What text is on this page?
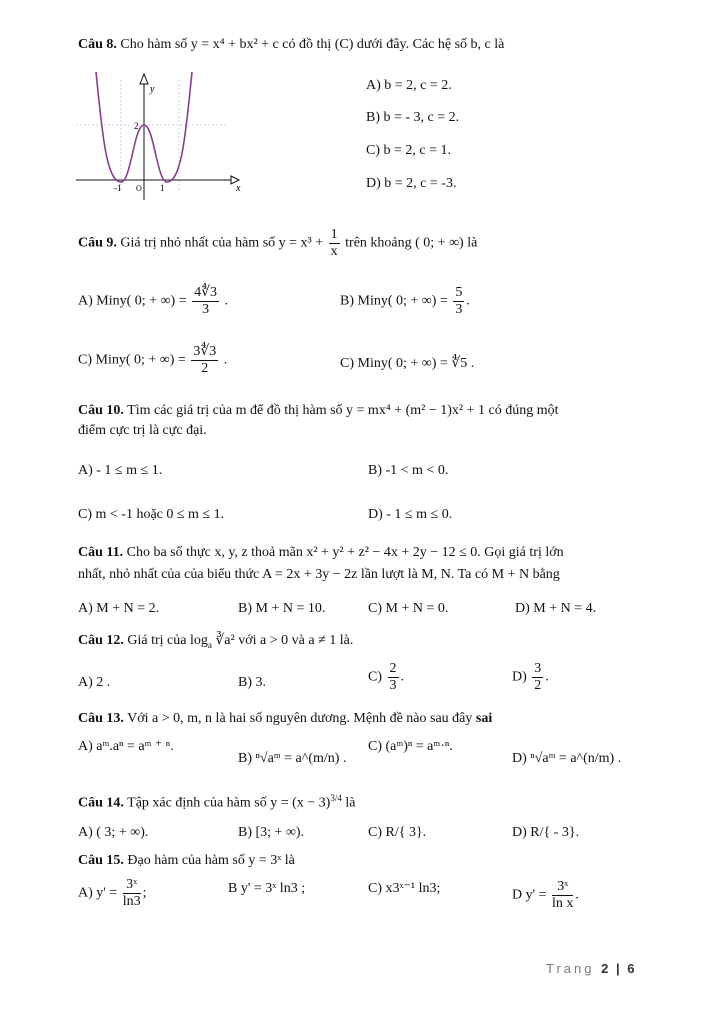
Câu 8. Cho hàm số y = x⁴ + bx² + c có đồ thị (C) dưới đây. Các hệ số b, c là
y
x
-1	1
2
O
A) b = 2, c = 2.
B) b = - 3, c = 2.
C) b = 2, c = 1.
D) b = 2, c = -3.
Câu 9. Giá trị nhỏ nhất của hàm số $y = x^3 + \frac{1}{x}$ trên khoảng ( 0; + ∞) là
A) Miny( 0; + ∞) = $\frac{4∜3}{3}$ .	B) Miny( 0; + ∞) = $\frac{5}{3}$ .
C) Miny( 0; + ∞) = $\frac{3∜3}{2}$ .	C) Miny( 0; + ∞) = ∜5 .
Câu 10. Tìm các giá trị của m để đồ thị hàm số y = mx⁴ + (m² − 1)x² + 1 có đúng một
điểm cực trị là cực đại.
A) - 1 ≤ m ≤ 1.	B) -1 < m < 0.
C) m < -1 hoặc 0 ≤ m ≤ 1.	D) - 1 ≤ m ≤ 0.
Câu 11. Cho ba số thực x, y, z thoả mãn x² + y² + z² − 4x + 2y − 12 ≤ 0. Gọi giá trị lớn
nhất, nhỏ nhất của của biểu thức A = 2x + 3y − 2z lần lượt là M, N. Ta có M + N bằng
A) M + N = 2.	B) M + N = 10.	C) M + N = 0.	D) M + N = 4.
Câu 12. Giá trị của $\log_a$ ∛a² với a > 0 và a ≠ 1 là.
A) 2 .	B) 3.	$C) \frac{2}{3}$ .	$D) \frac{3}{2}$ .
Câu 13. Với a > 0, m, n là hai số nguyên dương. Mệnh đề nào sau đây sai
A) aᵐ.aⁿ = aᵐ ⁺ ⁿ.
B) ⁿ√aᵐ = a^(m/n) .
C) (aᵐ)ⁿ = aᵐ·ⁿ.
D) ⁿ√aᵐ = a^(n/m) .
Câu 14. Tập xác định của hàm số $y = (x - 3)^{3/4}$ là
A) ( 3; + ∞).	B) [3; + ∞).	C) R/{ 3}.	D) R/{ - 3}.
Câu 15. Đạo hàm của hàm số y = 3ˣ là
A) $y' = \frac{\text{3ˣ}}{\ln 3}$ ;	B y' = 3ˣ ln3 ;	C) x3ˣ⁻¹ ln3;	D $y' = \frac{\text{3ˣ}}{\text{ln x}}$ .
Trang 2 | 6
